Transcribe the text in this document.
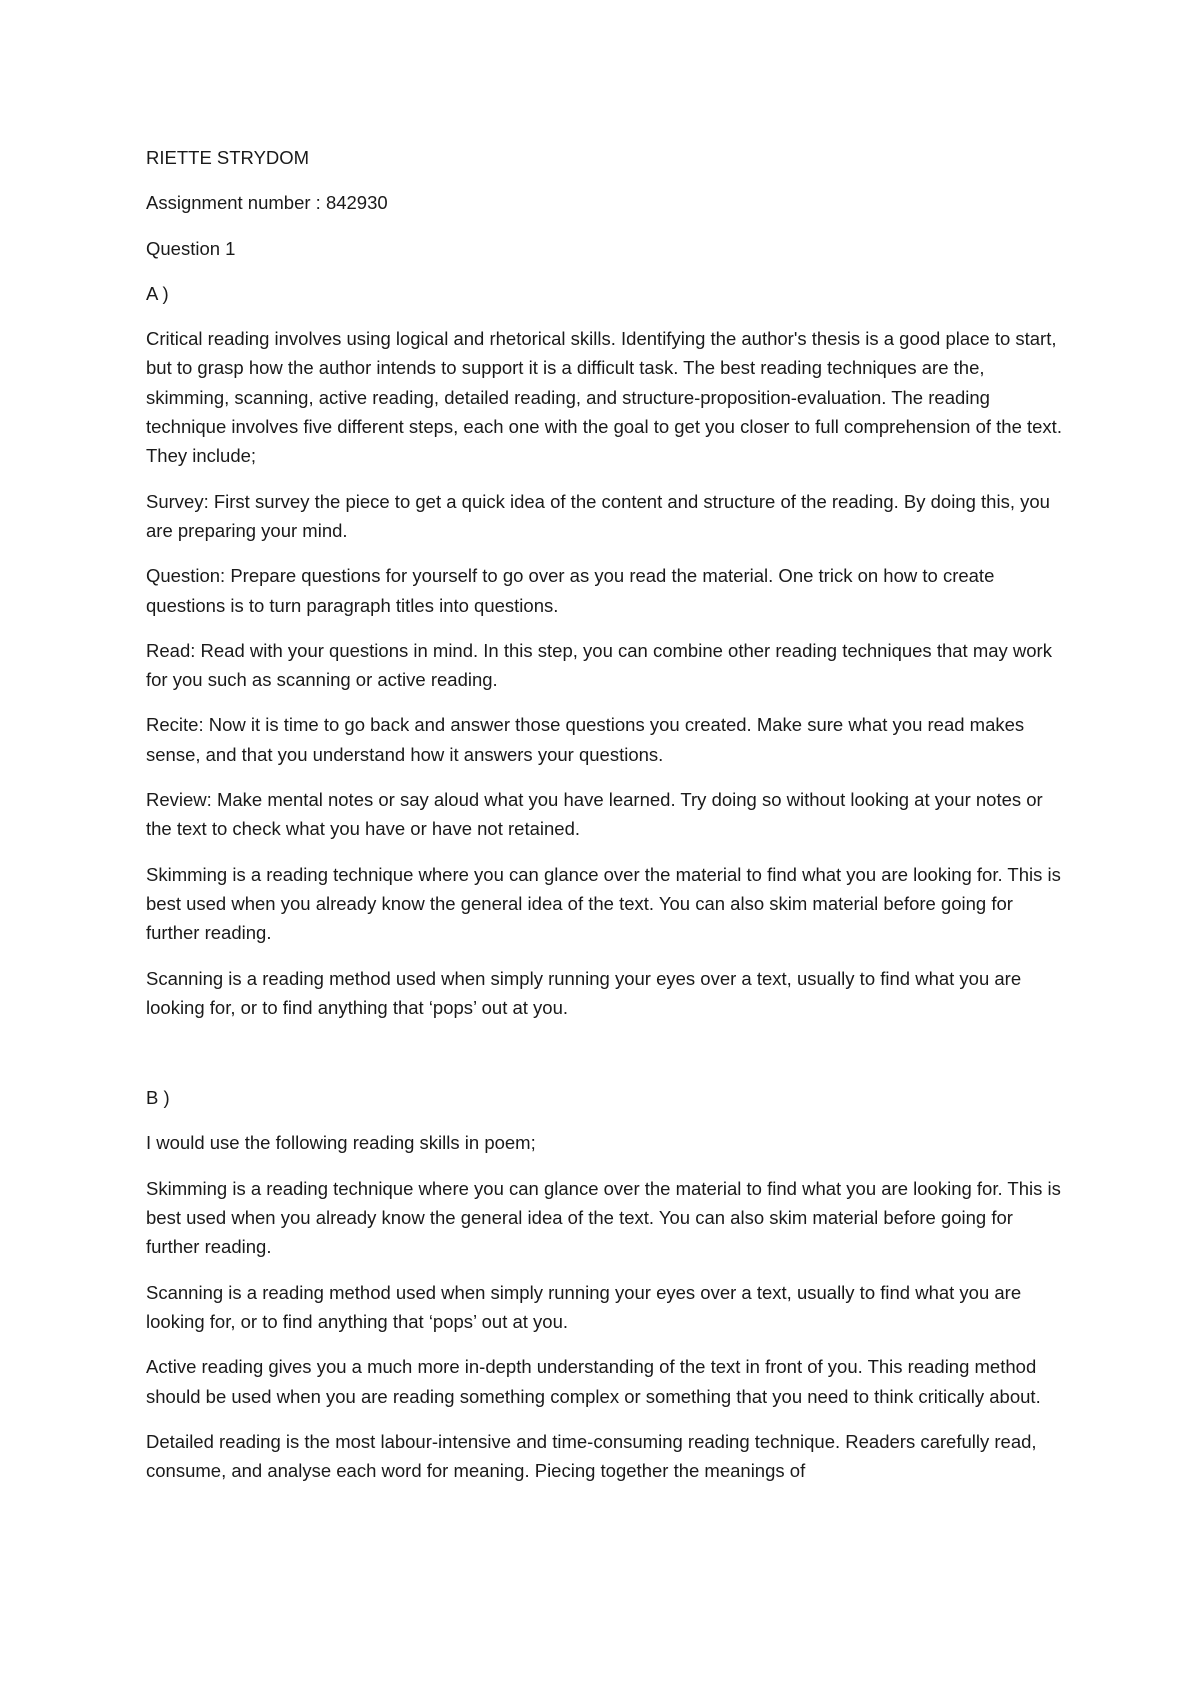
RIETTE STRYDOM

Assignment number : 842930

Question 1

A )

Critical reading involves using logical and rhetorical skills. Identifying the author's thesis is a good place to start, but to grasp how the author intends to support it is a difficult task. The best reading techniques are the, skimming, scanning, active reading, detailed reading, and structure-proposition-evaluation. The reading technique involves five different steps, each one with the goal to get you closer to full comprehension of the text. They include;

Survey: First survey the piece to get a quick idea of the content and structure of the reading. By doing this, you are preparing your mind.

Question: Prepare questions for yourself to go over as you read the material. One trick on how to create questions is to turn paragraph titles into questions.

Read: Read with your questions in mind. In this step, you can combine other reading techniques that may work for you such as scanning or active reading.

Recite: Now it is time to go back and answer those questions you created. Make sure what you read makes sense, and that you understand how it answers your questions.

Review: Make mental notes or say aloud what you have learned. Try doing so without looking at your notes or the text to check what you have or have not retained.

Skimming is a reading technique where you can glance over the material to find what you are looking for. This is best used when you already know the general idea of the text. You can also skim material before going for further reading.

Scanning is a reading method used when simply running your eyes over a text, usually to find what you are looking for, or to find anything that ‘pops’ out at you.

B )

I would use the following reading skills in poem;

Skimming is a reading technique where you can glance over the material to find what you are looking for. This is best used when you already know the general idea of the text. You can also skim material before going for further reading.

Scanning is a reading method used when simply running your eyes over a text, usually to find what you are looking for, or to find anything that ‘pops’ out at you.

Active reading gives you a much more in-depth understanding of the text in front of you. This reading method should be used when you are reading something complex or something that you need to think critically about.

Detailed reading is the most labour-intensive and time-consuming reading technique. Readers carefully read, consume, and analyse each word for meaning. Piecing together the meanings of
